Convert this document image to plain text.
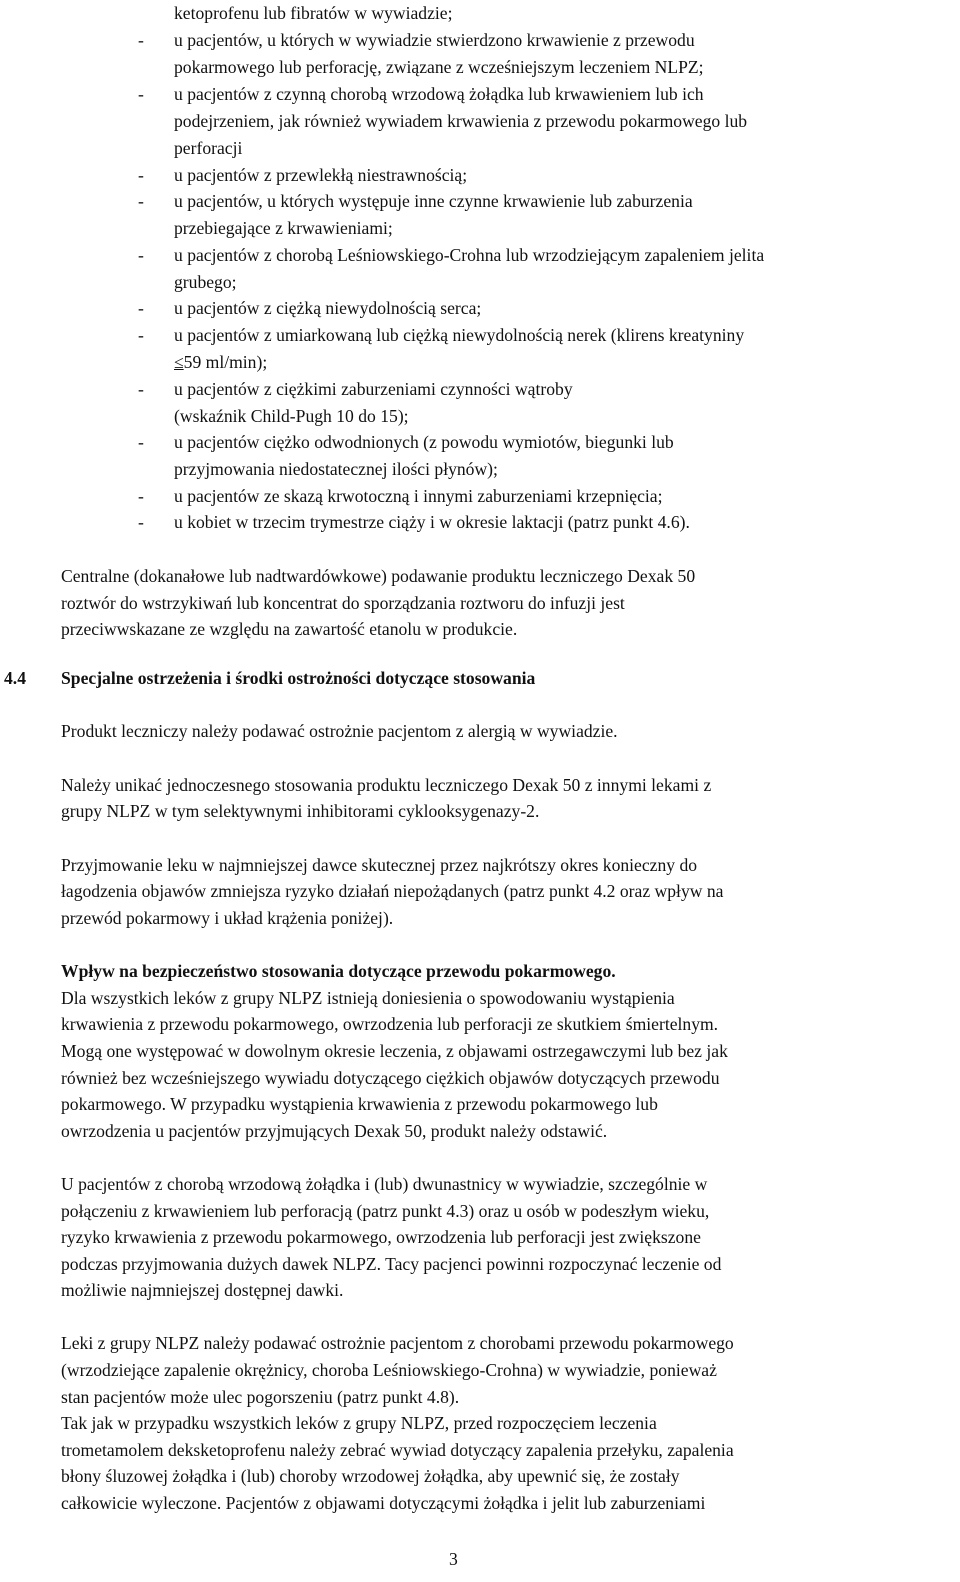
ketoprofenu lub fibratów w wywiadzie;
-	u pacjentów, u których w wywiadzie stwierdzono krwawienie z przewodu
pokarmowego lub perforację, związane z wcześniejszym leczeniem NLPZ;
-	u pacjentów z czynną chorobą wrzodową żołądka lub krwawieniem lub ich
podejrzeniem, jak również wywiadem krwawienia z przewodu pokarmowego lub
perforacji
-	u pacjentów z przewlekłą niestrawnością;
-	u pacjentów, u których występuje inne czynne krwawienie lub zaburzenia
przebiegające z krwawieniami;
-	u pacjentów z chorobą Leśniowskiego-Crohna lub wrzodziejącym zapaleniem jelita
grubego;
-	u pacjentów z ciężką niewydolnością serca;
-	u pacjentów z umiarkowaną lub ciężką niewydolnością nerek (klirens kreatyniny
≤59 ml/min);
-	u pacjentów z ciężkimi zaburzeniami czynności wątroby
(wskaźnik Child-Pugh 10 do 15);
-	u pacjentów ciężko odwodnionych (z powodu wymiotów, biegunki lub
przyjmowania niedostatecznej ilości płynów);
-	u pacjentów ze skazą krwotoczną i innymi zaburzeniami krzepnięcia;
-	u kobiet w trzecim trymestrze ciąży i w okresie laktacji (patrz punkt 4.6).
Centralne (dokanałowe lub nadtwardówkowe) podawanie produktu leczniczego Dexak 50
roztwór do wstrzykiwań lub koncentrat do sporządzania roztworu do infuzji jest
przeciwwskazane ze względu na zawartość etanolu w produkcie.
4.4 Specjalne ostrzeżenia i środki ostrożności dotyczące stosowania
Produkt leczniczy należy podawać ostrożnie pacjentom z alergią w wywiadzie.
Należy unikać jednoczesnego stosowania produktu leczniczego Dexak 50 z innymi lekami z
grupy NLPZ w tym selektywnymi inhibitorami cyklooksygenazy-2.
Przyjmowanie leku w najmniejszej dawce skutecznej przez najkrótszy okres konieczny do
łagodzenia objawów zmniejsza ryzyko działań niepożądanych (patrz punkt 4.2 oraz wpływ na
przewód pokarmowy i układ krążenia poniżej).
Wpływ na bezpieczeństwo stosowania dotyczące przewodu pokarmowego.
Dla wszystkich leków z grupy NLPZ istnieją doniesienia o spowodowaniu wystąpienia
krwawienia z przewodu pokarmowego, owrzodzenia lub perforacji ze skutkiem śmiertelnym.
Mogą one występować w dowolnym okresie leczenia, z objawami ostrzegawczymi lub bez jak
również bez wcześniejszego wywiadu dotyczącego ciężkich objawów dotyczących przewodu
pokarmowego. W przypadku wystąpienia krwawienia z przewodu pokarmowego lub
owrzodzenia u pacjentów przyjmujących Dexak 50, produkt należy odstawić.
U pacjentów z chorobą wrzodową żołądka i (lub) dwunastnicy w wywiadzie, szczególnie w
połączeniu z krwawieniem lub perforacją (patrz punkt 4.3) oraz u osób w podeszłym wieku,
ryzyko krwawienia z przewodu pokarmowego, owrzodzenia lub perforacji jest zwiększone
podczas przyjmowania dużych dawek NLPZ. Tacy pacjenci powinni rozpoczynać leczenie od
możliwie najmniejszej dostępnej dawki.
Leki z grupy NLPZ należy podawać ostrożnie pacjentom z chorobami przewodu pokarmowego
(wrzodziejące zapalenie okrężnicy, choroba Leśniowskiego-Crohna) w wywiadzie, ponieważ
stan pacjentów może ulec pogorszeniu (patrz punkt 4.8).
Tak jak w przypadku wszystkich leków z grupy NLPZ, przed rozpoczęciem leczenia
trometamolem deksketoprofenu należy zebrać wywiad dotyczący zapalenia przełyku, zapalenia
błony śluzowej żołądka i (lub) choroby wrzodowej żołądka, aby upewnić się, że zostały
całkowicie wyleczone. Pacjentów z objawami dotyczącymi żołądka i jelit lub zaburzeniami
3
